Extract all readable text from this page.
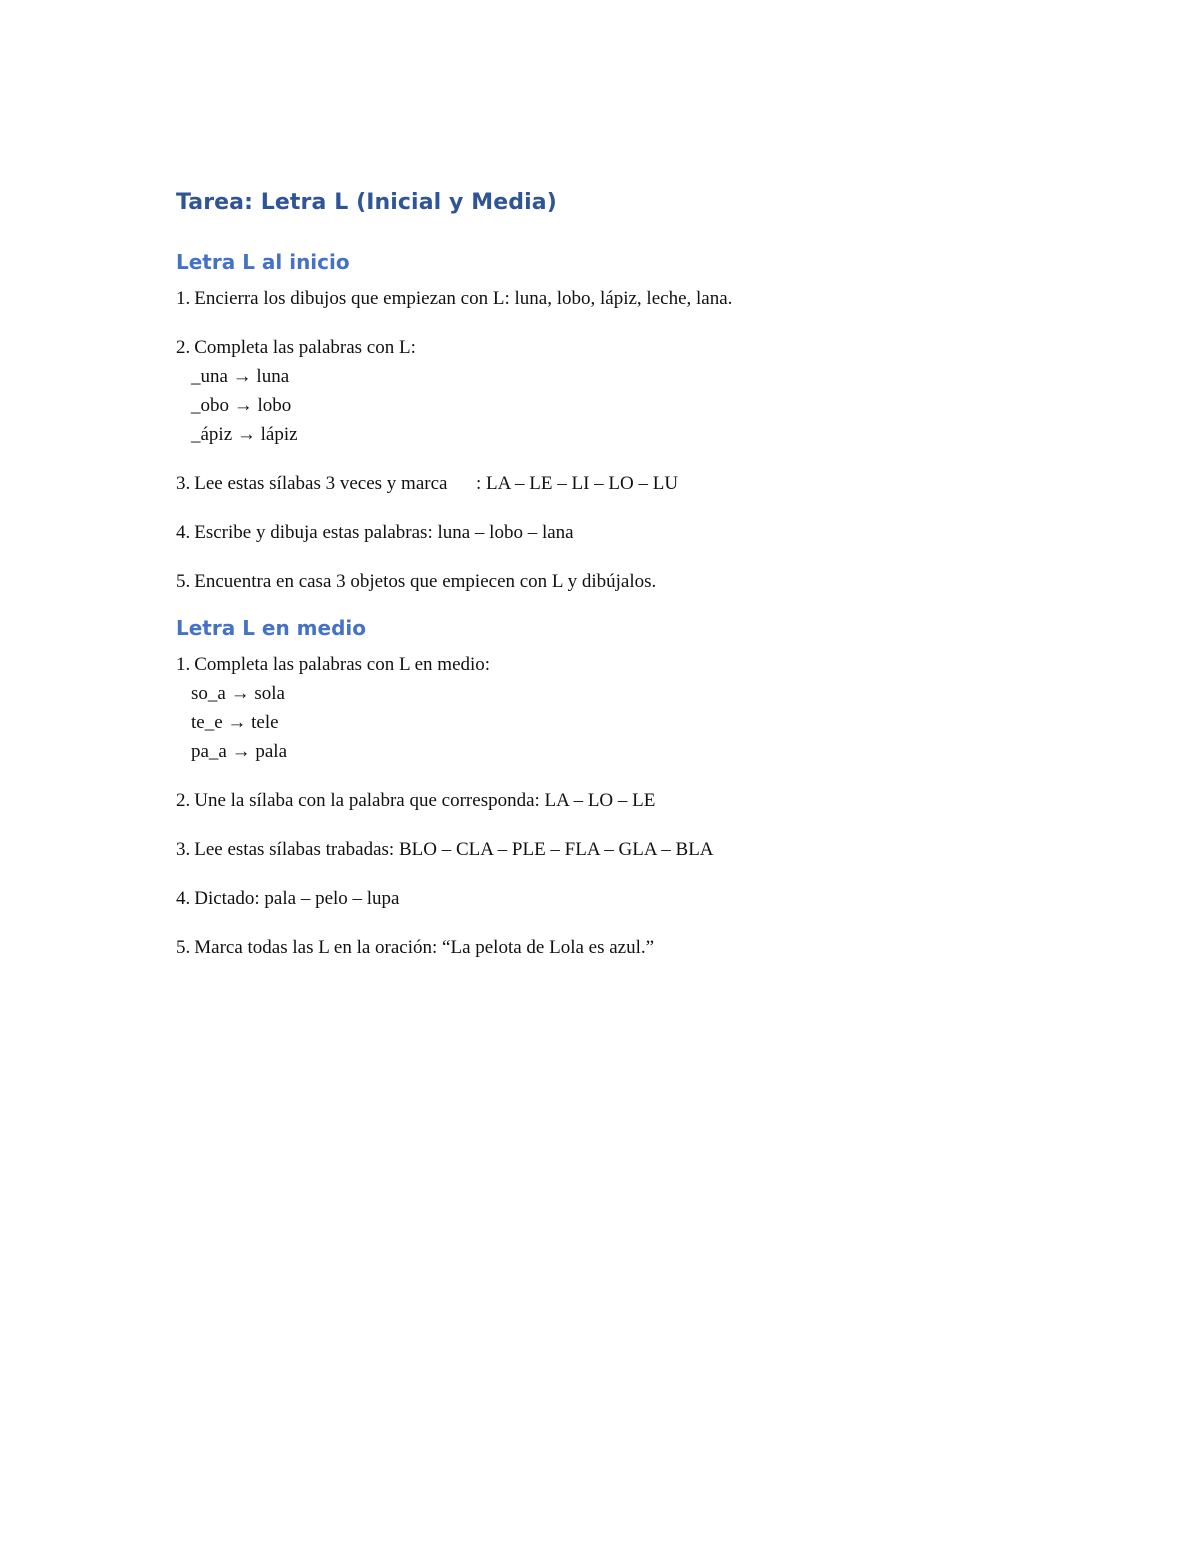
Tarea: Letra L (Inicial y Media)
Letra L al inicio
1. Encierra los dibujos que empiezan con L: luna, lobo, lápiz, leche, lana.
2. Completa las palabras con L:
_una → luna
_obo → lobo
_ápiz → lápiz
3. Lee estas sílabas 3 veces y marca      : LA – LE – LI – LO – LU
4. Escribe y dibuja estas palabras: luna – lobo – lana
5. Encuentra en casa 3 objetos que empiecen con L y dibújalos.
Letra L en medio
1. Completa las palabras con L en medio:
so_a → sola
te_e → tele
pa_a → pala
2. Une la sílaba con la palabra que corresponda: LA – LO – LE
3. Lee estas sílabas trabadas: BLO – CLA – PLE – FLA – GLA – BLA
4. Dictado: pala – pelo – lupa
5. Marca todas las L en la oración: “La pelota de Lola es azul.”
